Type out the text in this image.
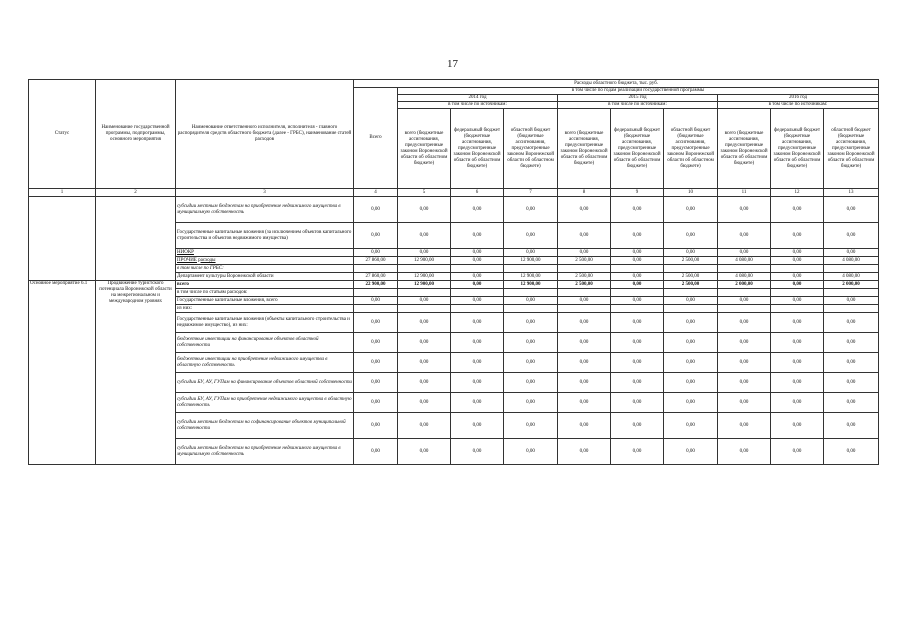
17
Статус	Наименование государственной программы, подпрограммы, основного мероприятия	Наименование ответственного исполнителя, исполнителя - главного распорядителя средств областного бюджета (далее - ГРБС), наименование статей расходов	Расходы областного бюджета, тыс. руб.									
			Всего	в том числе по годам реализации государственной программы								
				2014 год			2015 год			2016 год		
				в том числе по источникам:			в том числе по источникам:			в том числе по источникам:		
				всего (бюджетные ассигнования, предусмотренные законом Воронежской области об областном бюджете)	федеральный бюджет (бюджетные ассигнования, предусмотренные законом Воронежской области об областном бюджете)	областной бюджет (бюджетные ассигнования, предусмотренные законом Воронежской области об областном бюджете)	всего (бюджетные ассигнования, предусмотренные законом Воронежской области об областном бюджете)	федеральный бюджет (бюджетные ассигнования, предусмотренные законом Воронежской области об областном бюджете)	областной бюджет (бюджетные ассигнования, предусмотренные законом Воронежской области об областном бюджете)	всего (бюджетные ассигнования, предусмотренные законом Воронежской области об областном бюджете)	федеральный бюджет (бюджетные ассигнования, предусмотренные законом Воронежской области об областном бюджете)	областной бюджет (бюджетные ассигнования, предусмотренные законом Воронежской области об областном бюджете)
1	2	3	4	5	6	7	8	9	10	11	12	13
		субсидии местным бюджетам на приобретение недвижимого имущества в муниципальную собственность	0,00	0,00	0,00	0,00	0,00	0,00	0,00	0,00	0,00	0,00
		Государственные капитальные вложения (за исключением объектов капитального строительства и объектов недвижимого имущества)	0,00	0,00	0,00	0,00	0,00	0,00	0,00	0,00	0,00	0,00
		НИОКР	0,00	0,00	0,00	0,00	0,00	0,00	0,00	0,00	0,00	0,00
		ПРОЧИЕ расходы	27 860,00	12 900,00	0,00	12 900,00	2 500,00	0,00	2 500,00	4 080,00	0,00	4 080,00
		в том числе по ГРБС:										
		Департамент культуры Воронежской области	27 860,00	12 900,00	0,00	12 900,00	2 500,00	0,00	2 500,00	4 080,00	0,00	4 080,00
Основное мероприятие 6.1	Продвижение туристского потенциала Воронежской области на межрегиональном и международном уровнях	всего	22 900,00	12 900,00	0,00	12 900,00	2 500,00	0,00	2 500,00	2 000,00	0,00	2 000,00
		в том числе по статьям расходов:										
		Государственные капитальные вложения, всего	0,00	0,00	0,00	0,00	0,00	0,00	0,00	0,00	0,00	0,00
		из них:										
		Государственные капитальные вложения (объекты капитального строительства и недвижимое имущество), из них:	0,00	0,00	0,00	0,00	0,00	0,00	0,00	0,00	0,00	0,00
		бюджетные инвестиции на финансирование объектов областной собственности	0,00	0,00	0,00	0,00	0,00	0,00	0,00	0,00	0,00	0,00
		бюджетные инвестиции на приобретение недвижимого имущества в областную собственность	0,00	0,00	0,00	0,00	0,00	0,00	0,00	0,00	0,00	0,00
		субсидии БУ, АУ, ГУПам на финансирование объектов областной собственности	0,00	0,00	0,00	0,00	0,00	0,00	0,00	0,00	0,00	0,00
		субсидии БУ, АУ, ГУПам на приобретение недвижимого имущества в областную собственность	0,00	0,00	0,00	0,00	0,00	0,00	0,00	0,00	0,00	0,00
		субсидии местным бюджетам на софинансирование объектов муниципальной собственности	0,00	0,00	0,00	0,00	0,00	0,00	0,00	0,00	0,00	0,00
		субсидии местным бюджетам на приобретение недвижимого имущества в муниципальную собственность	0,00	0,00	0,00	0,00	0,00	0,00	0,00	0,00	0,00	0,00
